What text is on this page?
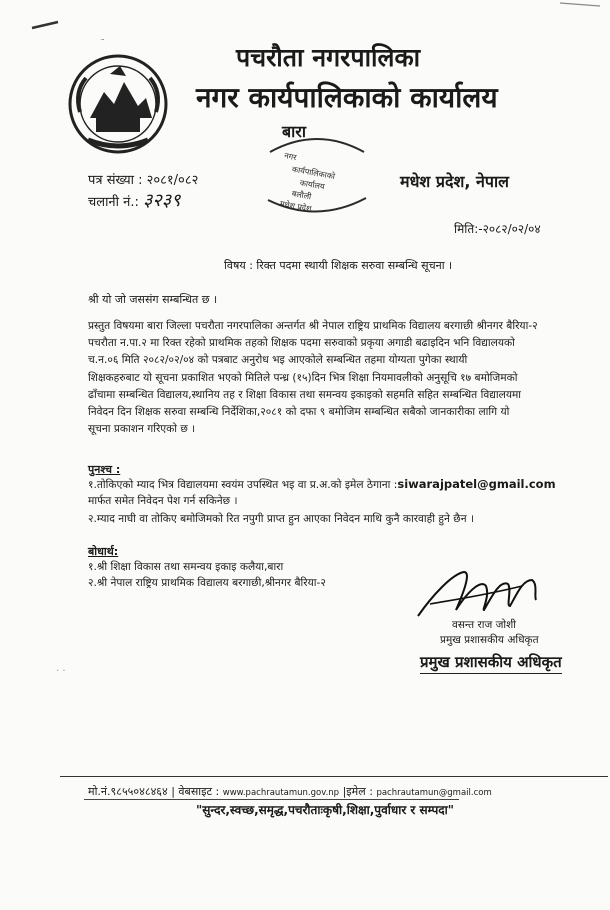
पचरौता नगरपालिका
नगर कार्यपालिकाको कार्यालय
बारा
नगर
कार्यपालिकाको
कार्यालय
बलौली
मधेश प्रदेश
पत्र संख्या : २०८१/०८२
चलानी नं.: ३२३९
मधेश प्रदेश, नेपाल
मिति:-२०८२/०२/०४
विषय : रिक्त पदमा स्थायी शिक्षक सरुवा सम्बन्धि सूचना ।
श्री यो जो जससंग सम्बन्धित छ ।
प्रस्तुत विषयमा बारा जिल्ला पचरौता नगरपालिका अन्तर्गत श्री नेपाल राष्ट्रिय प्राथमिक विद्यालय बरगाछी श्रीनगर बैरिया-२
पचरौता न.पा.२ मा रिक्त रहेको प्राथमिक तहको शिक्षक पदमा सरुवाको प्रकृया अगाडी बढाइदिन भनि विद्यालयको
च.न.०६ मिति २०८२/०२/०४ को पत्रबाट अनुरोध भइ आएकोले सम्बन्धित तहमा योग्यता पुगेका स्थायी
शिक्षकहरुबाट यो सूचना प्रकाशित भएको मितिले पन्ध्र (१५)दिन भित्र शिक्षा नियमावलीको अनुसूचि १७ बमोजिमको
ढाँचामा सम्बन्धित विद्यालय,स्थानिय तह र शिक्षा विकास तथा समन्वय इकाइको सहमति सहित सम्बन्धित विद्यालयमा
निवेदन दिन शिक्षक सरुवा सम्बन्धि निर्देशिका,२०८१ को दफा ९ बमोजिम सम्बन्धित सबैको जानकारीका लागि यो
सूचना प्रकाशन गरिएको छ ।
पुनश्च :
१.तोकिएको म्याद भित्र विद्यालयमा स्वयंम उपस्थित भइ वा प्र.अ.को इमेल ठेगाना :siwarajpatel@gmail.com
मार्फत समेत निवेदन पेश गर्न सकिनेछ ।
२.म्याद नाघी वा तोकिए बमोजिमको रित नपुगी प्राप्त हुन आएका निवेदन माथि कुनै कारवाही हुने छैन ।
बोधार्थ:
१.श्री शिक्षा विकास तथा समन्वय इकाइ कलैया,बारा
२.श्री नेपाल राष्ट्रिय प्राथमिक विद्यालय बरगाछी,श्रीनगर बैरिया-२
वसन्त राज जोशी
प्रमुख प्रशासकीय अधिकृत
प्रमुख प्रशासकीय अधिकृत
· ·
मो.नं.९८५५०४८४६४ | वेबसाइट : www.pachrautamun.gov.np |इमेल : pachrautamun@gmail.com
"सुन्दर,स्वच्छ,समृद्ध,पचरौताःकृषी,शिक्षा,पुर्वाधार र सम्पदा"
